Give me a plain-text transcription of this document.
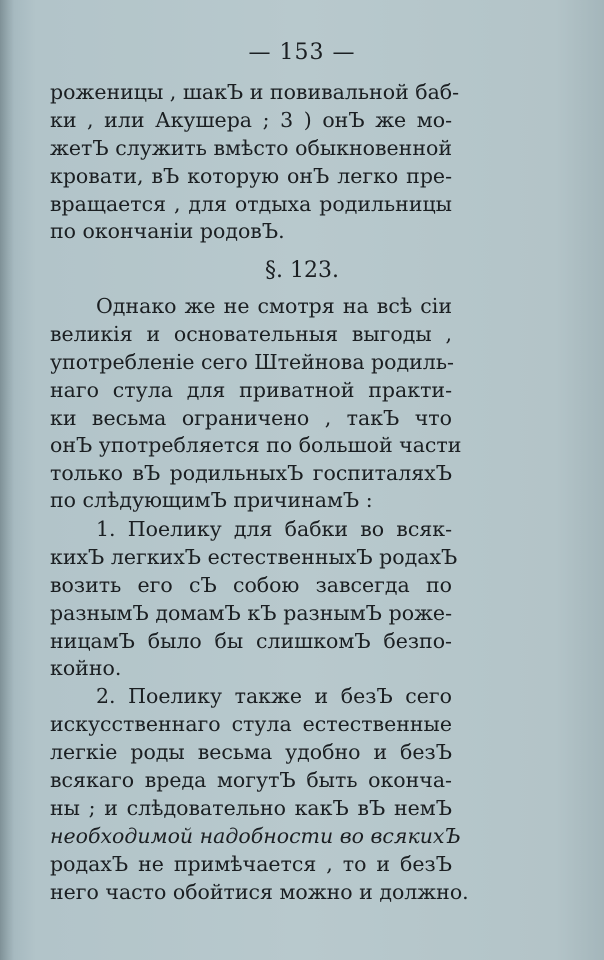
— 153 —
роженицы , шакЪ и повивальной баб-
ки , или Акушера ; 3 ) онЪ же мо-
жетЪ служить вмѣсто обыкновенной
кровати, вЪ которую онЪ легко пре-
вращается , для отдыха родильницы
по окончаніи родовЪ.
§. 123.
Однако же не смотря на всѣ сіи
великія и основательныя выгоды ,
употребленіе сего Штейнова родиль-
наго стула для приватной практи-
ки весьма ограничено , такЪ что
онЪ употребляется по большой части
только вЪ родильныхЪ госпиталяхЪ
по слѣдующимЪ причинамЪ :
1. Поелику для бабки во всяк-
кихЪ легкихЪ естественныхЪ родахЪ
возить его сЪ собою завсегда по
разнымЪ домамЪ кЪ разнымЪ роже-
ницамЪ было бы слишкомЪ безпо-
койно.
2. Поелику также и безЪ сего
искусственнаго стула естественные
легкіе роды весьма удобно и безЪ
всякаго вреда могутЪ быть оконча-
ны ; и слѣдовательно какЪ вЪ немЪ
необходимой надобности во всякихЪ
родахЪ не примѣчается , то и безЪ
него часто обойтися можно и должно.
